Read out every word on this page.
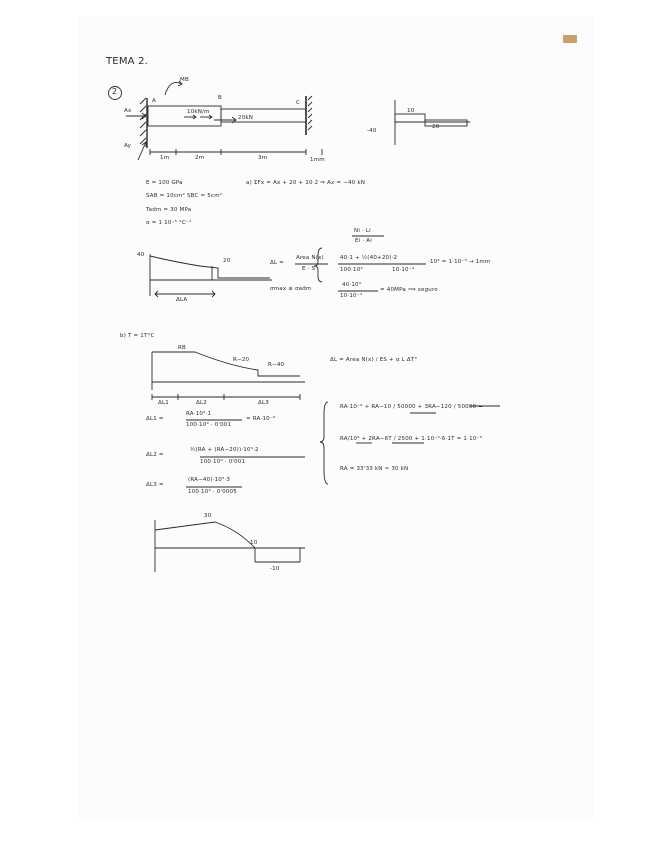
TEMA 2.
2
MB
A	B
C
Ax
Ay
10kN/m
20kN
1m	2m	3m	1mm
10
20
-40
E = 100 GPa
SAB = 10cm² SBC = 5cm²
Tadm = 30 MPa
α = 1·10⁻⁵ °C⁻¹
a) ΣFx = Ax + 20 + 10·2 ⇒ Ax = −40 kN
Ni · Li
Ei · Ai
ΔL =
Area N(x)
E · S
40·1 + ½(40+20)·2
100·10⁹	10·10⁻⁴
·10³ = 1·10⁻³ → 1mm
σmax ≤ σadm
40·10³
10·10⁻⁴
= 40MPa ⟹ seguro
40
20
ΔLA
b) T = 1T°C
RB
R−20
R−40
ΔL1	ΔL2	ΔL3
ΔL = Area N(x) / ES + α L ΔT°
ΔL1 =
RA·10³·1
100·10⁹ · 0'001
= RA·10⁻⁶
ΔL2 =
½(RA + (RA−20))·10³·2
100·10⁹ · 0'001
ΔL3 =
(RA−40)·10³·3
100·10⁹ · 0'0005
RA·10⁻⁶ + RA−10 / 50000 + 3RA−120 / 50000 =
RA/10⁶ + 2RA−6T / 2500 + 1·10⁻⁵·6·1T = 1·10⁻³
RA = 33'33 kN ≈ 30 kN
30
10
-10
